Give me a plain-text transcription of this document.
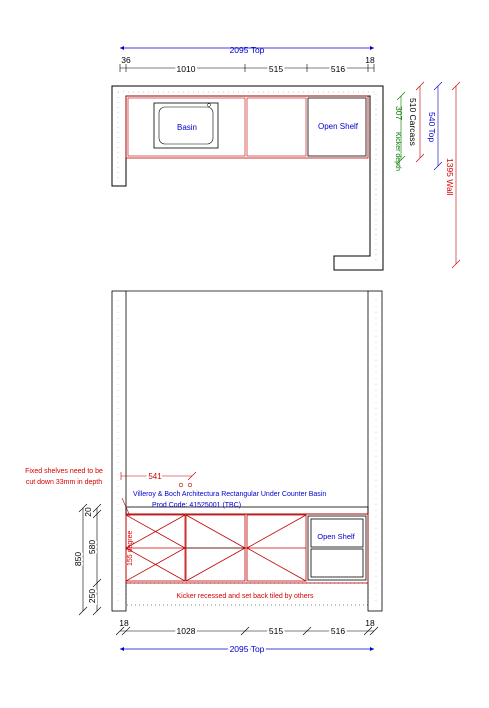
2095 Top
36
1010	515	516
18
Basin	Open Shelf
307
Kicker depth
510 Carcass 540 Top
1395 Wall
541
Fixed shelves need to be
cut down 33mm in depth
Villeroy & Boch Architectura Rectangular Under Counter Basin
Prod Code: 41525001 (TBC)
Open Shelf
155 degree
Kicker recessed and set back tiled by others
850
20
580
250
18
1028	515	516
18
2095 Top
